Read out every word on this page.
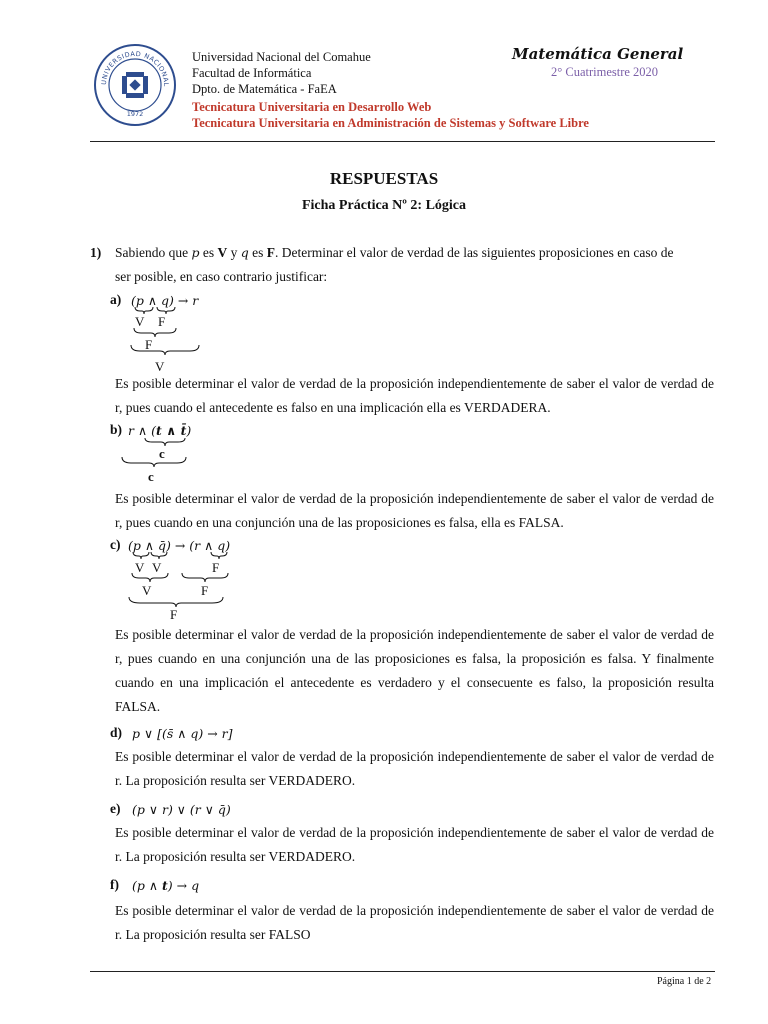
UNIVERSIDAD NACIONAL
1972
Universidad Nacional del Comahue
Facultad de Informática
Dpto. de Matemática - FaEA
Tecnicatura Universitaria en Desarrollo Web
Tecnicatura Universitaria en Administración de Sistemas y Software Libre
Matemática General
2° Cuatrimestre 2020
RESPUESTAS
Ficha Práctica Nº 2: Lógica
1) Sabiendo que p es V y q es F. Determinar el valor de verdad de las siguientes proposiciones en caso de
ser posible, en caso contrario justificar:
a) (p ∧ q) → r
V F
F
V
Es posible determinar el valor de verdad de la proposición independientemente de saber el valor de verdad de r, pues cuando el antecedente es falso en una implicación ella es VERDADERA.
b) r ∧ (t ∧ t̄)
c
c
Es posible determinar el valor de verdad de la proposición independientemente de saber el valor de verdad de r, pues cuando en una conjunción una de las proposiciones es falsa, ella es FALSA.
c) (p ∧ q̄) → (r ∧ q)
V V	F
V	F
F
Es posible determinar el valor de verdad de la proposición independientemente de saber el valor de verdad de r, pues cuando en una conjunción una de las proposiciones es falsa, la proposición es falsa. Y finalmente cuando en una implicación el antecedente es verdadero y el consecuente es falso, la proposición resulta FALSA.
d) p ∨ [(s̄ ∧ q) → r]
Es posible determinar el valor de verdad de la proposición independientemente de saber el valor de verdad de r. La proposición resulta ser VERDADERO.
e) (p ∨ r) ∨ (r ∨ q̄)
Es posible determinar el valor de verdad de la proposición independientemente de saber el valor de verdad de r. La proposición resulta ser VERDADERO.
f) (p ∧ t) → q
Es posible determinar el valor de verdad de la proposición independientemente de saber el valor de verdad de r. La proposición resulta ser FALSO
Página 1 de 2
